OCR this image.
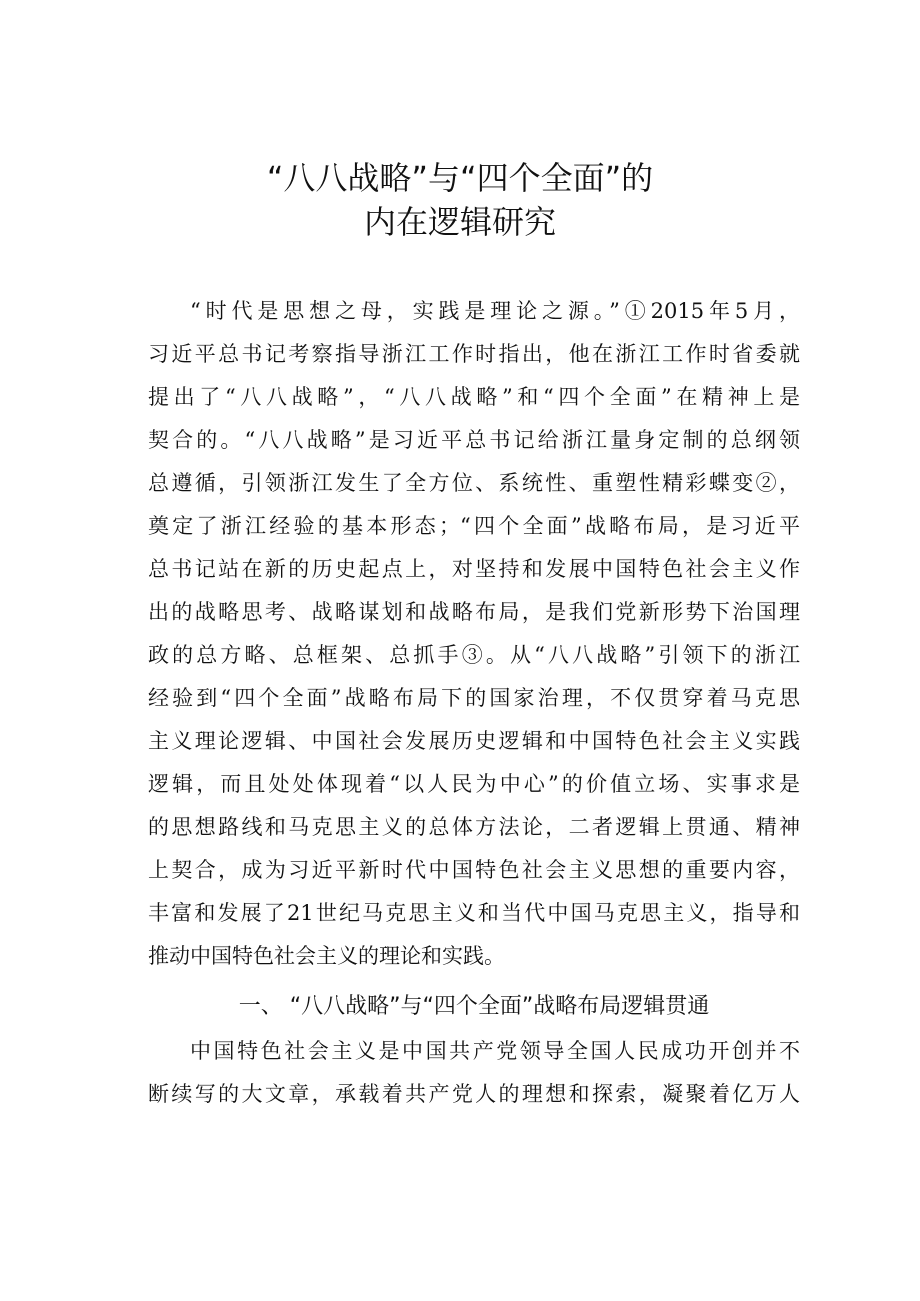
“八八战略”与“四个全面”的
内在逻辑研究
“时代是思想之母，实践是理论之源。”①2015年5月，
习近平总书记考察指导浙江工作时指出，他在浙江工作时省委就
提出了“八八战略”，“八八战略”和“四个全面”在精神上是
契合的。“八八战略”是习近平总书记给浙江量身定制的总纲领
总遵循，引领浙江发生了全方位、系统性、重塑性精彩蝶变②，
奠定了浙江经验的基本形态；“四个全面”战略布局，是习近平
总书记站在新的历史起点上，对坚持和发展中国特色社会主义作
出的战略思考、战略谋划和战略布局，是我们党新形势下治国理
政的总方略、总框架、总抓手③。从“八八战略”引领下的浙江
经验到“四个全面”战略布局下的国家治理，不仅贯穿着马克思
主义理论逻辑、中国社会发展历史逻辑和中国特色社会主义实践
逻辑，而且处处体现着“以人民为中心”的价值立场、实事求是
的思想路线和马克思主义的总体方法论，二者逻辑上贯通、精神
上契合，成为习近平新时代中国特色社会主义思想的重要内容，
丰富和发展了21世纪马克思主义和当代中国马克思主义，指导和
推动中国特色社会主义的理论和实践。
一、 “八八战略”与“四个全面”战略布局逻辑贯通
中国特色社会主义是中国共产党领导全国人民成功开创并不
断续写的大文章，承载着共产党人的理想和探索，凝聚着亿万人
